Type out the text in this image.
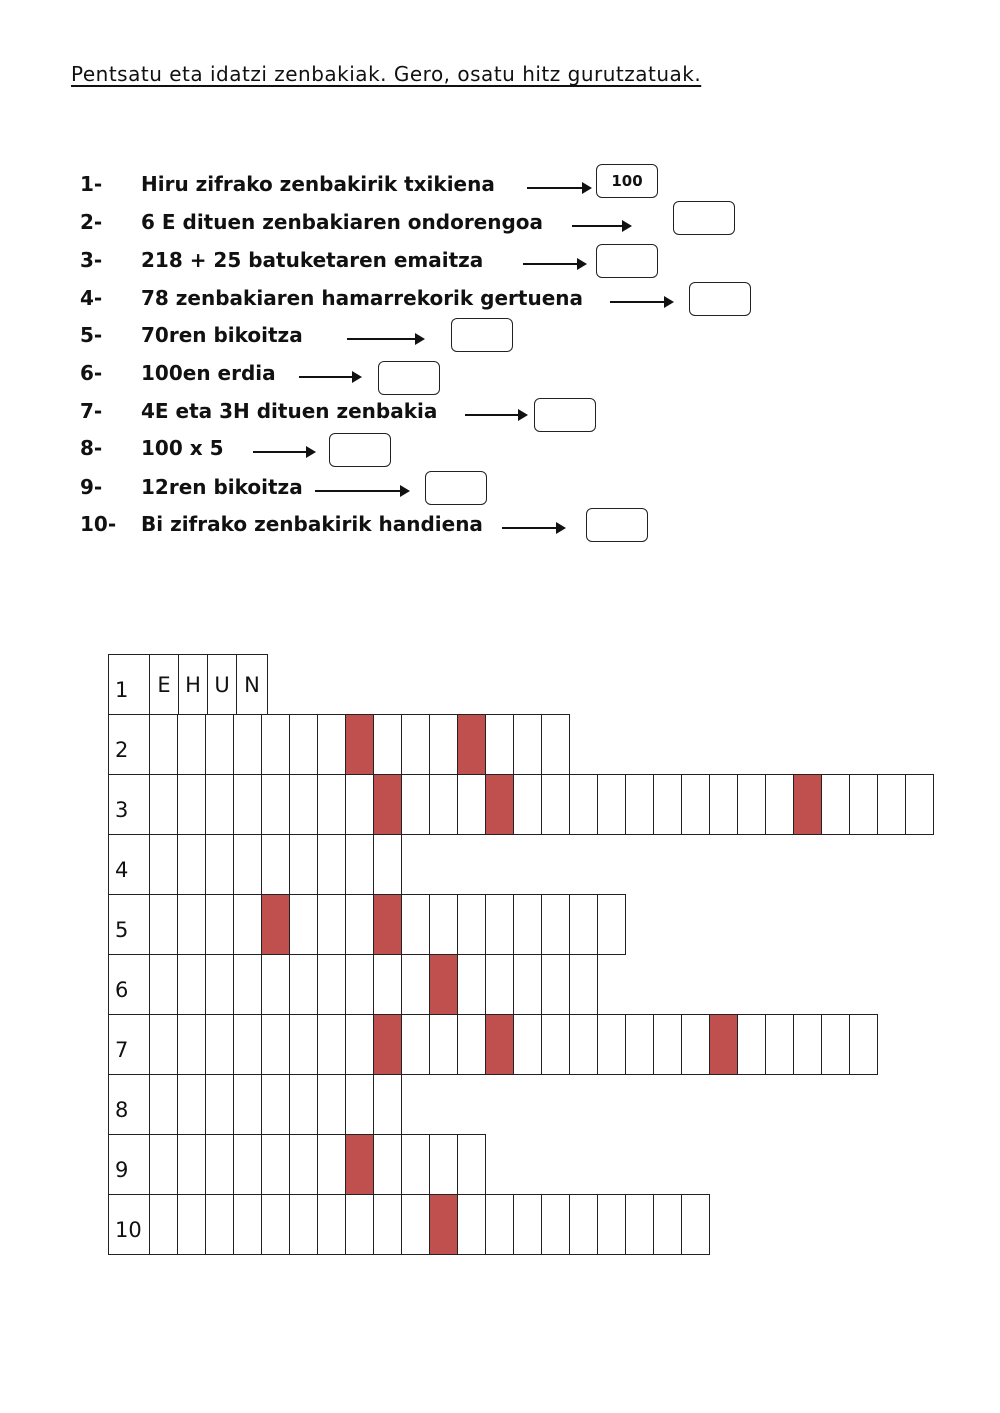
Pentsatu eta idatzi zenbakiak. Gero, osatu hitz gurutzatuak.
1- Hiru zifrako zenbakirik txikiena	100
2- 6 E dituen zenbakiaren ondorengoa
3- 218 + 25 batuketaren emaitza
4- 78 zenbakiaren hamarrekorik gertuena
5- 70ren bikoitza
6- 100en erdia
7- 4E eta 3H dituen zenbakia
8- 100 x 5
9- 12ren bikoitza
10- Bi zifrako zenbakirik handiena
1	E H U N
2
3
4
5
6
7
8
9
10
